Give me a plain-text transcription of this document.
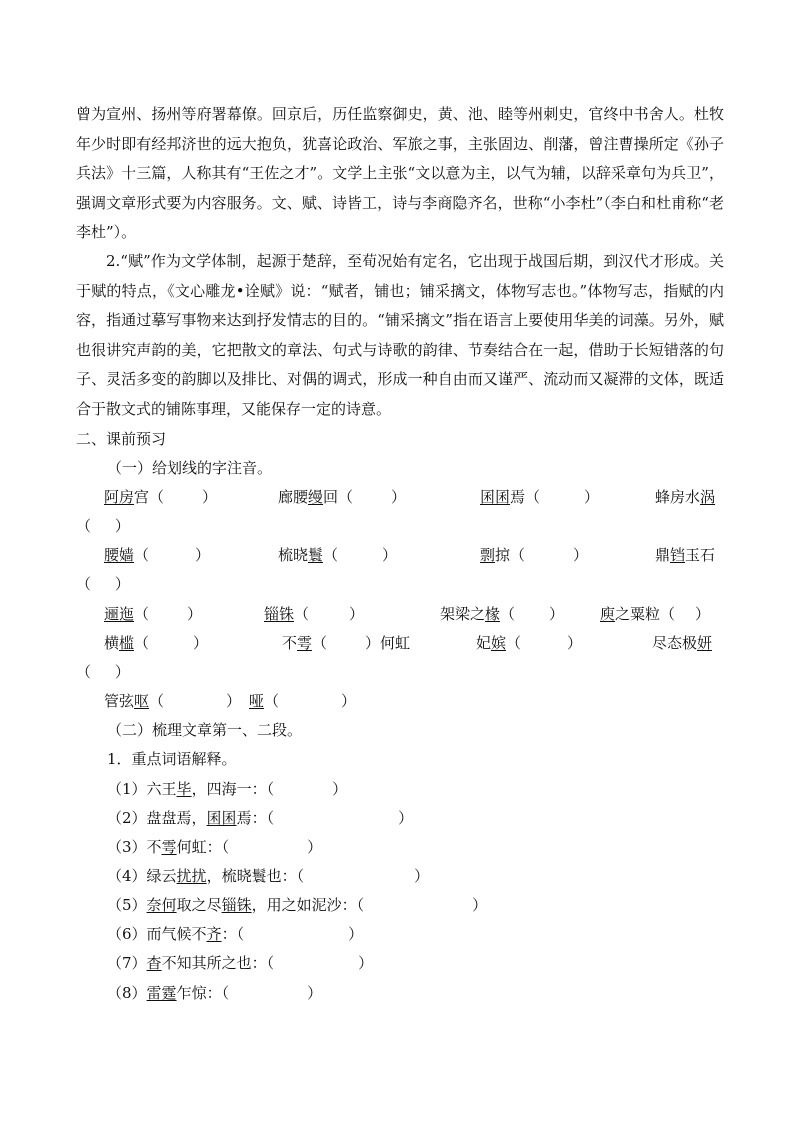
曾为宣州、扬州等府署幕僚。回京后，历任监察御史，黄、池、睦等州刺史，官终中书舍人。杜牧年少时即有经邦济世的远大抱负，犹喜论政治、军旅之事，主张固边、削藩，曾注曹操所定《孙子兵法》十三篇，人称其有“王佐之才”。文学上主张“文以意为主，以气为辅，以辞采章句为兵卫”，强调文章形式要为内容服务。文、赋、诗皆工，诗与李商隐齐名，世称“小李杜”（李白和杜甫称“老李杜”）。

2.“赋”作为文学体制，起源于楚辞，至荀况始有定名，它出现于战国后期，到汉代才形成。关于赋的特点，《文心雕龙•诠赋》说：“赋者，铺也；铺采摛文，体物写志也。”体物写志，指赋的内容，指通过摹写事物来达到抒发情志的目的。“铺采摛文”指在语言上要使用华美的词藻。另外，赋也很讲究声韵的美，它把散文的章法、句式与诗歌的韵律、节奏结合在一起，借助于长短错落的句子、灵活多变的韵脚以及排比、对偶的调式，形成一种自由而又谨严、流动而又凝滞的文体，既适合于散文式的铺陈事理，又能保存一定的诗意。

二、课前预习
（一）给划线的字注音。
阿房宫（	）	廊腰缦回（	）	囷囷焉（	）	蜂房水涡
（     ）
腰嫱（	）	梳晓鬟（	）	剽掠（	）	鼎铛玉石
（     ）
逦迤（	）	锱铢（	）	架梁之椽（ ） 庾之粟粒（ ）
横槛（	）	不雩（	）何虹	妃嫔（	）	尽态极妍
（     ）
管弦呕（	） 哑（	）
（二）梳理文章第一、二段。
1．重点词语解释。
（1）六王毕，四海一：（	）
（2）盘盘焉，囷囷焉：（	）
（3）不雩何虹：（	）
（4）绿云扰扰，梳晓鬟也：（	）
（5）奈何取之尽锱铢，用之如泥沙：（	）
（6）而气候不齐：（	）
（7）杳不知其所之也：（	）
（8）雷霆乍惊：（	）
